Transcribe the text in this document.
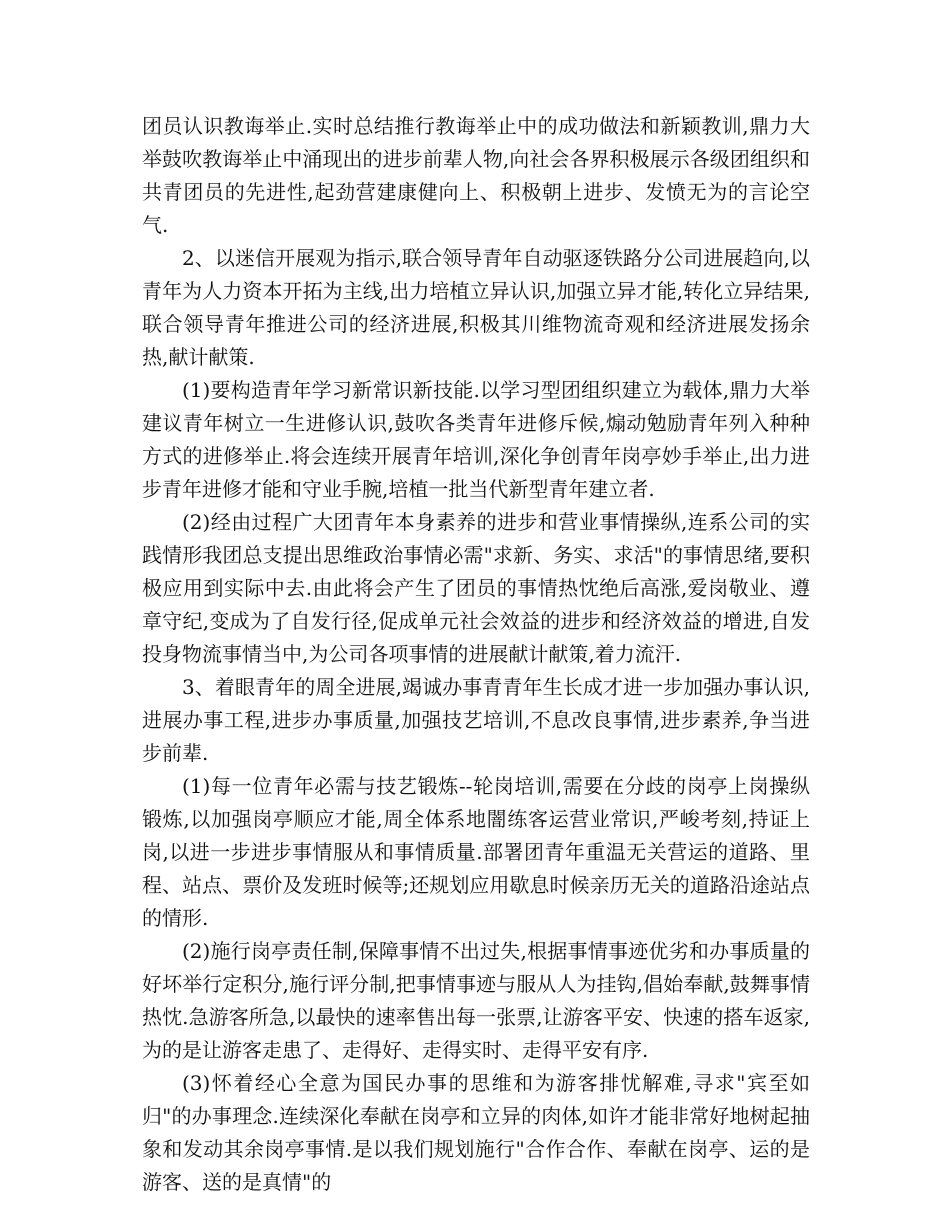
团员认识教诲举止.实时总结推行教诲举止中的成功做法和新颖教训,鼎力大举鼓吹教诲举止中涌现出的进步前辈人物,向社会各界积极展示各级团组织和共青团员的先进性,起劲营建康健向上、积极朝上进步、发愤无为的言论空气.

2、以迷信开展观为指示,联合领导青年自动驱逐铁路分公司进展趋向,以青年为人力资本开拓为主线,出力培植立异认识,加强立异才能,转化立异结果,联合领导青年推进公司的经济进展,积极其川维物流奇观和经济进展发扬余热,献计献策.

(1)要构造青年学习新常识新技能.以学习型团组织建立为载体,鼎力大举建议青年树立一生进修认识,鼓吹各类青年进修斥候,煽动勉励青年列入种种方式的进修举止.将会连续开展青年培训,深化争创青年岗亭妙手举止,出力进步青年进修才能和守业手腕,培植一批当代新型青年建立者.

(2)经由过程广大团青年本身素养的进步和营业事情操纵,连系公司的实践情形我团总支提出思维政治事情必需"求新、务实、求活"的事情思绪,要积极应用到实际中去.由此将会产生了团员的事情热忱绝后高涨,爱岗敬业、遵章守纪,变成为了自发行径,促成单元社会效益的进步和经济效益的增进,自发投身物流事情当中,为公司各项事情的进展献计献策,着力流汗.

3、着眼青年的周全进展,竭诚办事青青年生长成才进一步加强办事认识,进展办事工程,进步办事质量,加强技艺培训,不息改良事情,进步素养,争当进步前辈.

(1)每一位青年必需与技艺锻炼--轮岗培训,需要在分歧的岗亭上岗操纵锻炼,以加强岗亭顺应才能,周全体系地闇练客运营业常识,严峻考刻,持证上岗,以进一步进步事情服从和事情质量.部署团青年重温无关营运的道路、里程、站点、票价及发班时候等;还规划应用歇息时候亲历无关的道路沿途站点的情形.

(2)施行岗亭责任制,保障事情不出过失,根据事情事迹优劣和办事质量的好坏举行定积分,施行评分制,把事情事迹与服从人为挂钩,倡始奉献,鼓舞事情热忱.急游客所急,以最快的速率售出每一张票,让游客平安、快速的搭车返家,为的是让游客走患了、走得好、走得实时、走得平安有序.

(3)怀着经心全意为国民办事的思维和为游客排忧解难,寻求"宾至如归"的办事理念.连续深化奉献在岗亭和立异的肉体,如许才能非常好地树起抽象和发动其余岗亭事情.是以我们规划施行"合作合作、奉献在岗亭、运的是游客、送的是真情"的
